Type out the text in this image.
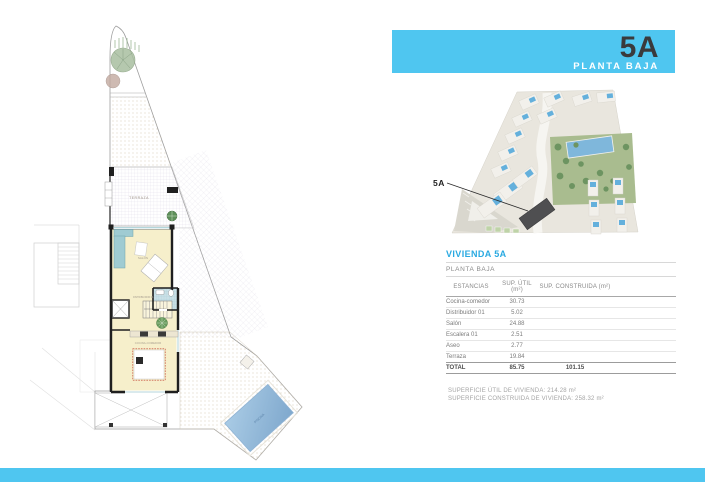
TERRAZA
PISCINA
SALÓN
DISTRIBUIDOR 01
COCINA-COMEDOR
5A
PLANTA BAJA
5A
VIVIENDA 5A
PLANTA BAJA
ESTANCIAS	SUP. ÚTIL (m²)	SUP. CONSTRUIDA (m²)
Cocina-comedor	30.73
Distribuidor 01	5.02
Salón	24.88
Escalera 01	2.51
Aseo	2.77
Terraza	19.84
TOTAL	85.75	101.15
SUPERFICIE ÚTIL DE VIVIENDA: 214.28 m²
SUPERFICIE CONSTRUIDA DE VIVIENDA: 258.32 m²
